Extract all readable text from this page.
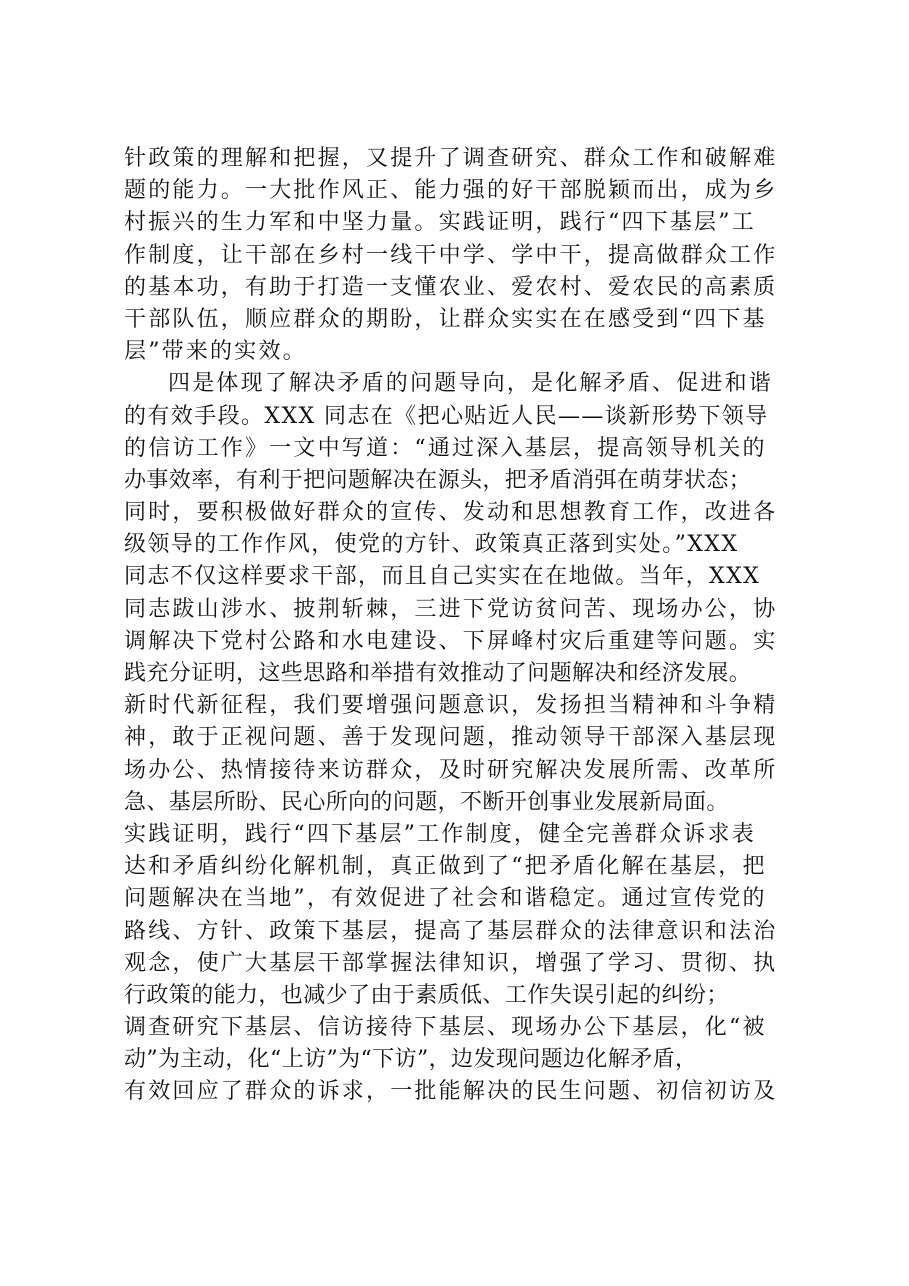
针政策的理解和把握，又提升了调查研究、群众工作和破解难
题的能力。一大批作风正、能力强的好干部脱颖而出，成为乡
村振兴的生力军和中坚力量。实践证明，践行“四下基层”工
作制度，让干部在乡村一线干中学、学中干，提高做群众工作
的基本功，有助于打造一支懂农业、爱农村、爱农民的高素质
干部队伍，顺应群众的期盼，让群众实实在在感受到“四下基
层”带来的实效。
四是体现了解决矛盾的问题导向，是化解矛盾、促进和谐
的有效手段。XXX 同志在《把心贴近人民——谈新形势下领导
的信访工作》一文中写道：“通过深入基层，提高领导机关的
办事效率，有利于把问题解决在源头，把矛盾消弭在萌芽状态；
同时，要积极做好群众的宣传、发动和思想教育工作，改进各
级领导的工作作风，使党的方针、政策真正落到实处。”XXX
同志不仅这样要求干部，而且自己实实在在地做。当年，XXX
同志跋山涉水、披荆斩棘，三进下党访贫问苦、现场办公，协
调解决下党村公路和水电建设、下屏峰村灾后重建等问题。实
践充分证明，这些思路和举措有效推动了问题解决和经济发展。
新时代新征程，我们要增强问题意识，发扬担当精神和斗争精
神，敢于正视问题、善于发现问题，推动领导干部深入基层现
场办公、热情接待来访群众，及时研究解决发展所需、改革所
急、基层所盼、民心所向的问题，不断开创事业发展新局面。
实践证明，践行“四下基层”工作制度，健全完善群众诉求表
达和矛盾纠纷化解机制，真正做到了“把矛盾化解在基层，把
问题解决在当地”，有效促进了社会和谐稳定。通过宣传党的
路线、方针、政策下基层，提高了基层群众的法律意识和法治
观念，使广大基层干部掌握法律知识，增强了学习、贯彻、执
行政策的能力，也减少了由于素质低、工作失误引起的纠纷；
调查研究下基层、信访接待下基层、现场办公下基层，化“被
动”为主动，化“上访”为“下访”，边发现问题边化解矛盾，
有效回应了群众的诉求，一批能解决的民生问题、初信初访及
